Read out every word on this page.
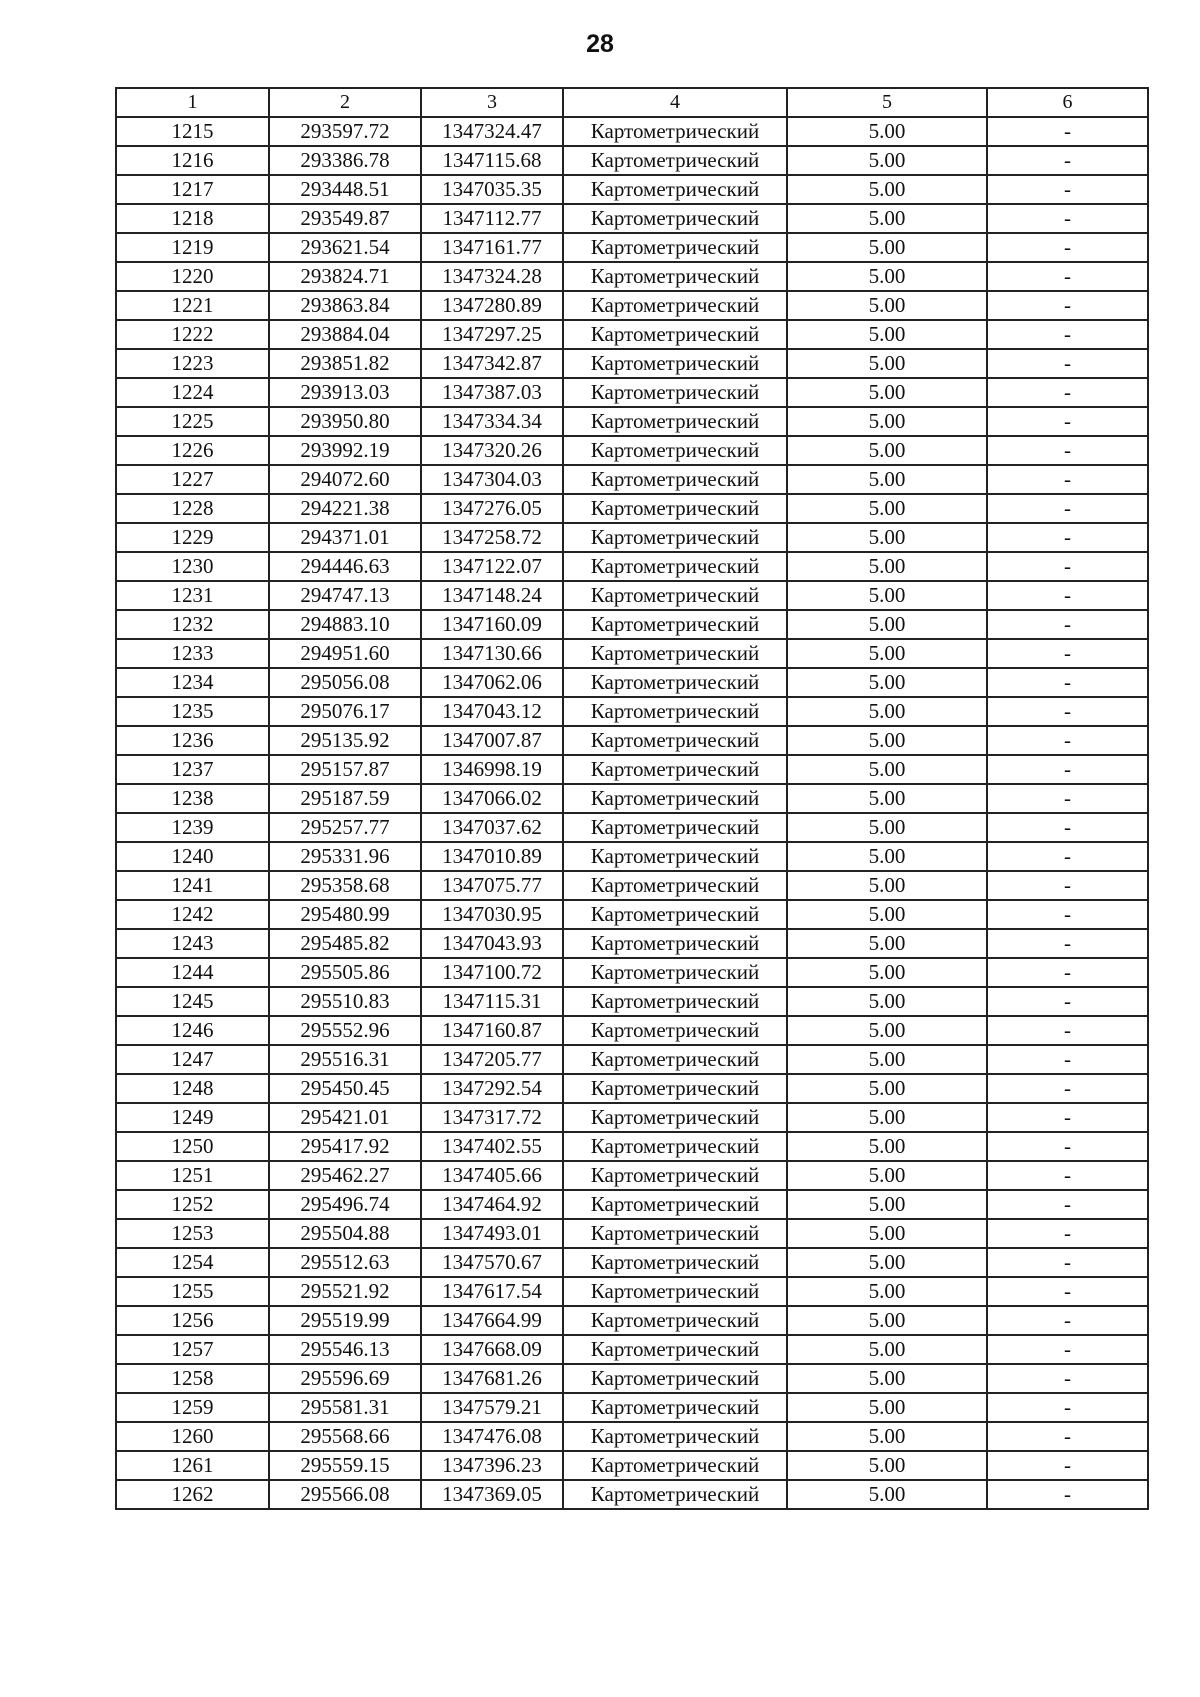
28
1	2	3	4	5	6
1215	293597.72	1347324.47	Картометрический	5.00	-
1216	293386.78	1347115.68	Картометрический	5.00	-
1217	293448.51	1347035.35	Картометрический	5.00	-
1218	293549.87	1347112.77	Картометрический	5.00	-
1219	293621.54	1347161.77	Картометрический	5.00	-
1220	293824.71	1347324.28	Картометрический	5.00	-
1221	293863.84	1347280.89	Картометрический	5.00	-
1222	293884.04	1347297.25	Картометрический	5.00	-
1223	293851.82	1347342.87	Картометрический	5.00	-
1224	293913.03	1347387.03	Картометрический	5.00	-
1225	293950.80	1347334.34	Картометрический	5.00	-
1226	293992.19	1347320.26	Картометрический	5.00	-
1227	294072.60	1347304.03	Картометрический	5.00	-
1228	294221.38	1347276.05	Картометрический	5.00	-
1229	294371.01	1347258.72	Картометрический	5.00	-
1230	294446.63	1347122.07	Картометрический	5.00	-
1231	294747.13	1347148.24	Картометрический	5.00	-
1232	294883.10	1347160.09	Картометрический	5.00	-
1233	294951.60	1347130.66	Картометрический	5.00	-
1234	295056.08	1347062.06	Картометрический	5.00	-
1235	295076.17	1347043.12	Картометрический	5.00	-
1236	295135.92	1347007.87	Картометрический	5.00	-
1237	295157.87	1346998.19	Картометрический	5.00	-
1238	295187.59	1347066.02	Картометрический	5.00	-
1239	295257.77	1347037.62	Картометрический	5.00	-
1240	295331.96	1347010.89	Картометрический	5.00	-
1241	295358.68	1347075.77	Картометрический	5.00	-
1242	295480.99	1347030.95	Картометрический	5.00	-
1243	295485.82	1347043.93	Картометрический	5.00	-
1244	295505.86	1347100.72	Картометрический	5.00	-
1245	295510.83	1347115.31	Картометрический	5.00	-
1246	295552.96	1347160.87	Картометрический	5.00	-
1247	295516.31	1347205.77	Картометрический	5.00	-
1248	295450.45	1347292.54	Картометрический	5.00	-
1249	295421.01	1347317.72	Картометрический	5.00	-
1250	295417.92	1347402.55	Картометрический	5.00	-
1251	295462.27	1347405.66	Картометрический	5.00	-
1252	295496.74	1347464.92	Картометрический	5.00	-
1253	295504.88	1347493.01	Картометрический	5.00	-
1254	295512.63	1347570.67	Картометрический	5.00	-
1255	295521.92	1347617.54	Картометрический	5.00	-
1256	295519.99	1347664.99	Картометрический	5.00	-
1257	295546.13	1347668.09	Картометрический	5.00	-
1258	295596.69	1347681.26	Картометрический	5.00	-
1259	295581.31	1347579.21	Картометрический	5.00	-
1260	295568.66	1347476.08	Картометрический	5.00	-
1261	295559.15	1347396.23	Картометрический	5.00	-
1262	295566.08	1347369.05	Картометрический	5.00	-
